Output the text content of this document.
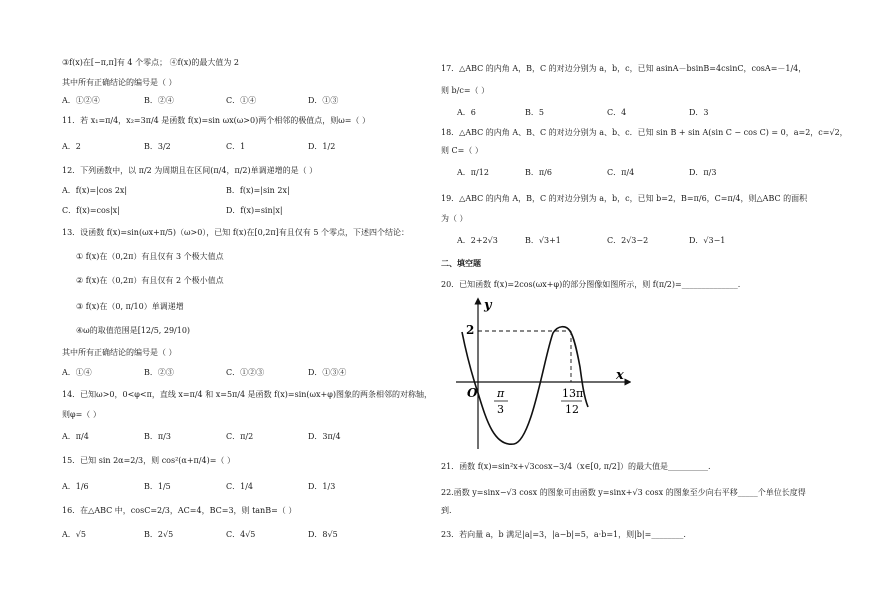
③f(x)在[−π,π]有 4 个零点； ④f(x)的最大值为 2
其中所有正确结论的编号是（ ）
A．①②④	B．②④	C．①④	D．①③
11．若 x₁=π/4，x₂=3π/4 是函数 f(x)=sin ωx(ω>0)两个相邻的极值点，则ω=（ ）
A．2	B．3/2	C．1	D．1/2
12．下列函数中，以 π/2 为周期且在区间(π/4，π/2)单调递增的是（ ）
A．f(x)=|cos 2x|	B．f(x)=|sin 2x|
C．f(x)=cos|x|	D．f(x)=sin|x|
13．设函数 f(x)=sin(ωx+π/5)（ω>0），已知 f(x)在[0,2π]有且仅有 5 个零点，下述四个结论：
① f(x)在（0,2π）有且仅有 3 个极大值点
② f(x)在（0,2π）有且仅有 2 个极小值点
③ f(x)在（0, π/10）单调递增
④ω的取值范围是[12/5, 29/10)
其中所有正确结论的编号是（ ）
A．①④	B．②③	C．①②③	D．①③④
14．已知ω>0，0<φ<π，直线 x=π/4 和 x=5π/4 是函数 f(x)=sin(ωx+φ)图象的两条相邻的对称轴，
则φ=（ ）
A．π/4	B．π/3	C．π/2	D．3π/4
15．已知 sin 2α=2/3，则 cos²(α+π/4)=（ ）
A．1/6	B．1/5	C．1/4	D．1/3
16．在△ABC 中，cosC=2/3，AC=4，BC=3，则 tanB=（ ）
A．√5	B．2√5	C．4√5	D．8√5
17．△ABC 的内角 A，B，C 的对边分别为 a，b，c，已知 asinA－bsinB=4csinC，cosA=－1/4，
则 b/c=（ ）
A．6	B．5	C．4	D．3
18．△ABC 的内角 A、B、C 的对边分别为 a、b、c．已知 sin B + sin A(sin C − cos C) = 0，a=2，c=√2，
则 C=（ ）
A．π/12	B．π/6	C．π/4	D．π/3
19．△ABC 的内角 A，B，C 的对边分别为 a，b，c，已知 b=2，B=π/6，C=π/4，则△ABC 的面积
为（ ）
A．2+2√3	B．√3+1	C．2√3−2	D．√3−1
二、填空题
20．已知函数 f(x)=2cos(ωx+φ)的部分图像如图所示，则 f(π/2)=______________.
y
x
O
2
π
3
13π
12
21．函数 f(x)=sin²x+√3cosx−3/4（x∈[0, π/2]）的最大值是__________.
22.函数 y=sinx−√3 cosx 的图象可由函数 y=sinx+√3 cosx 的图象至少向右平移_____个单位长度得
到.
23．若向量 a，b 满足|a|=3，|a−b|=5，a·b=1，则|b|=________.
